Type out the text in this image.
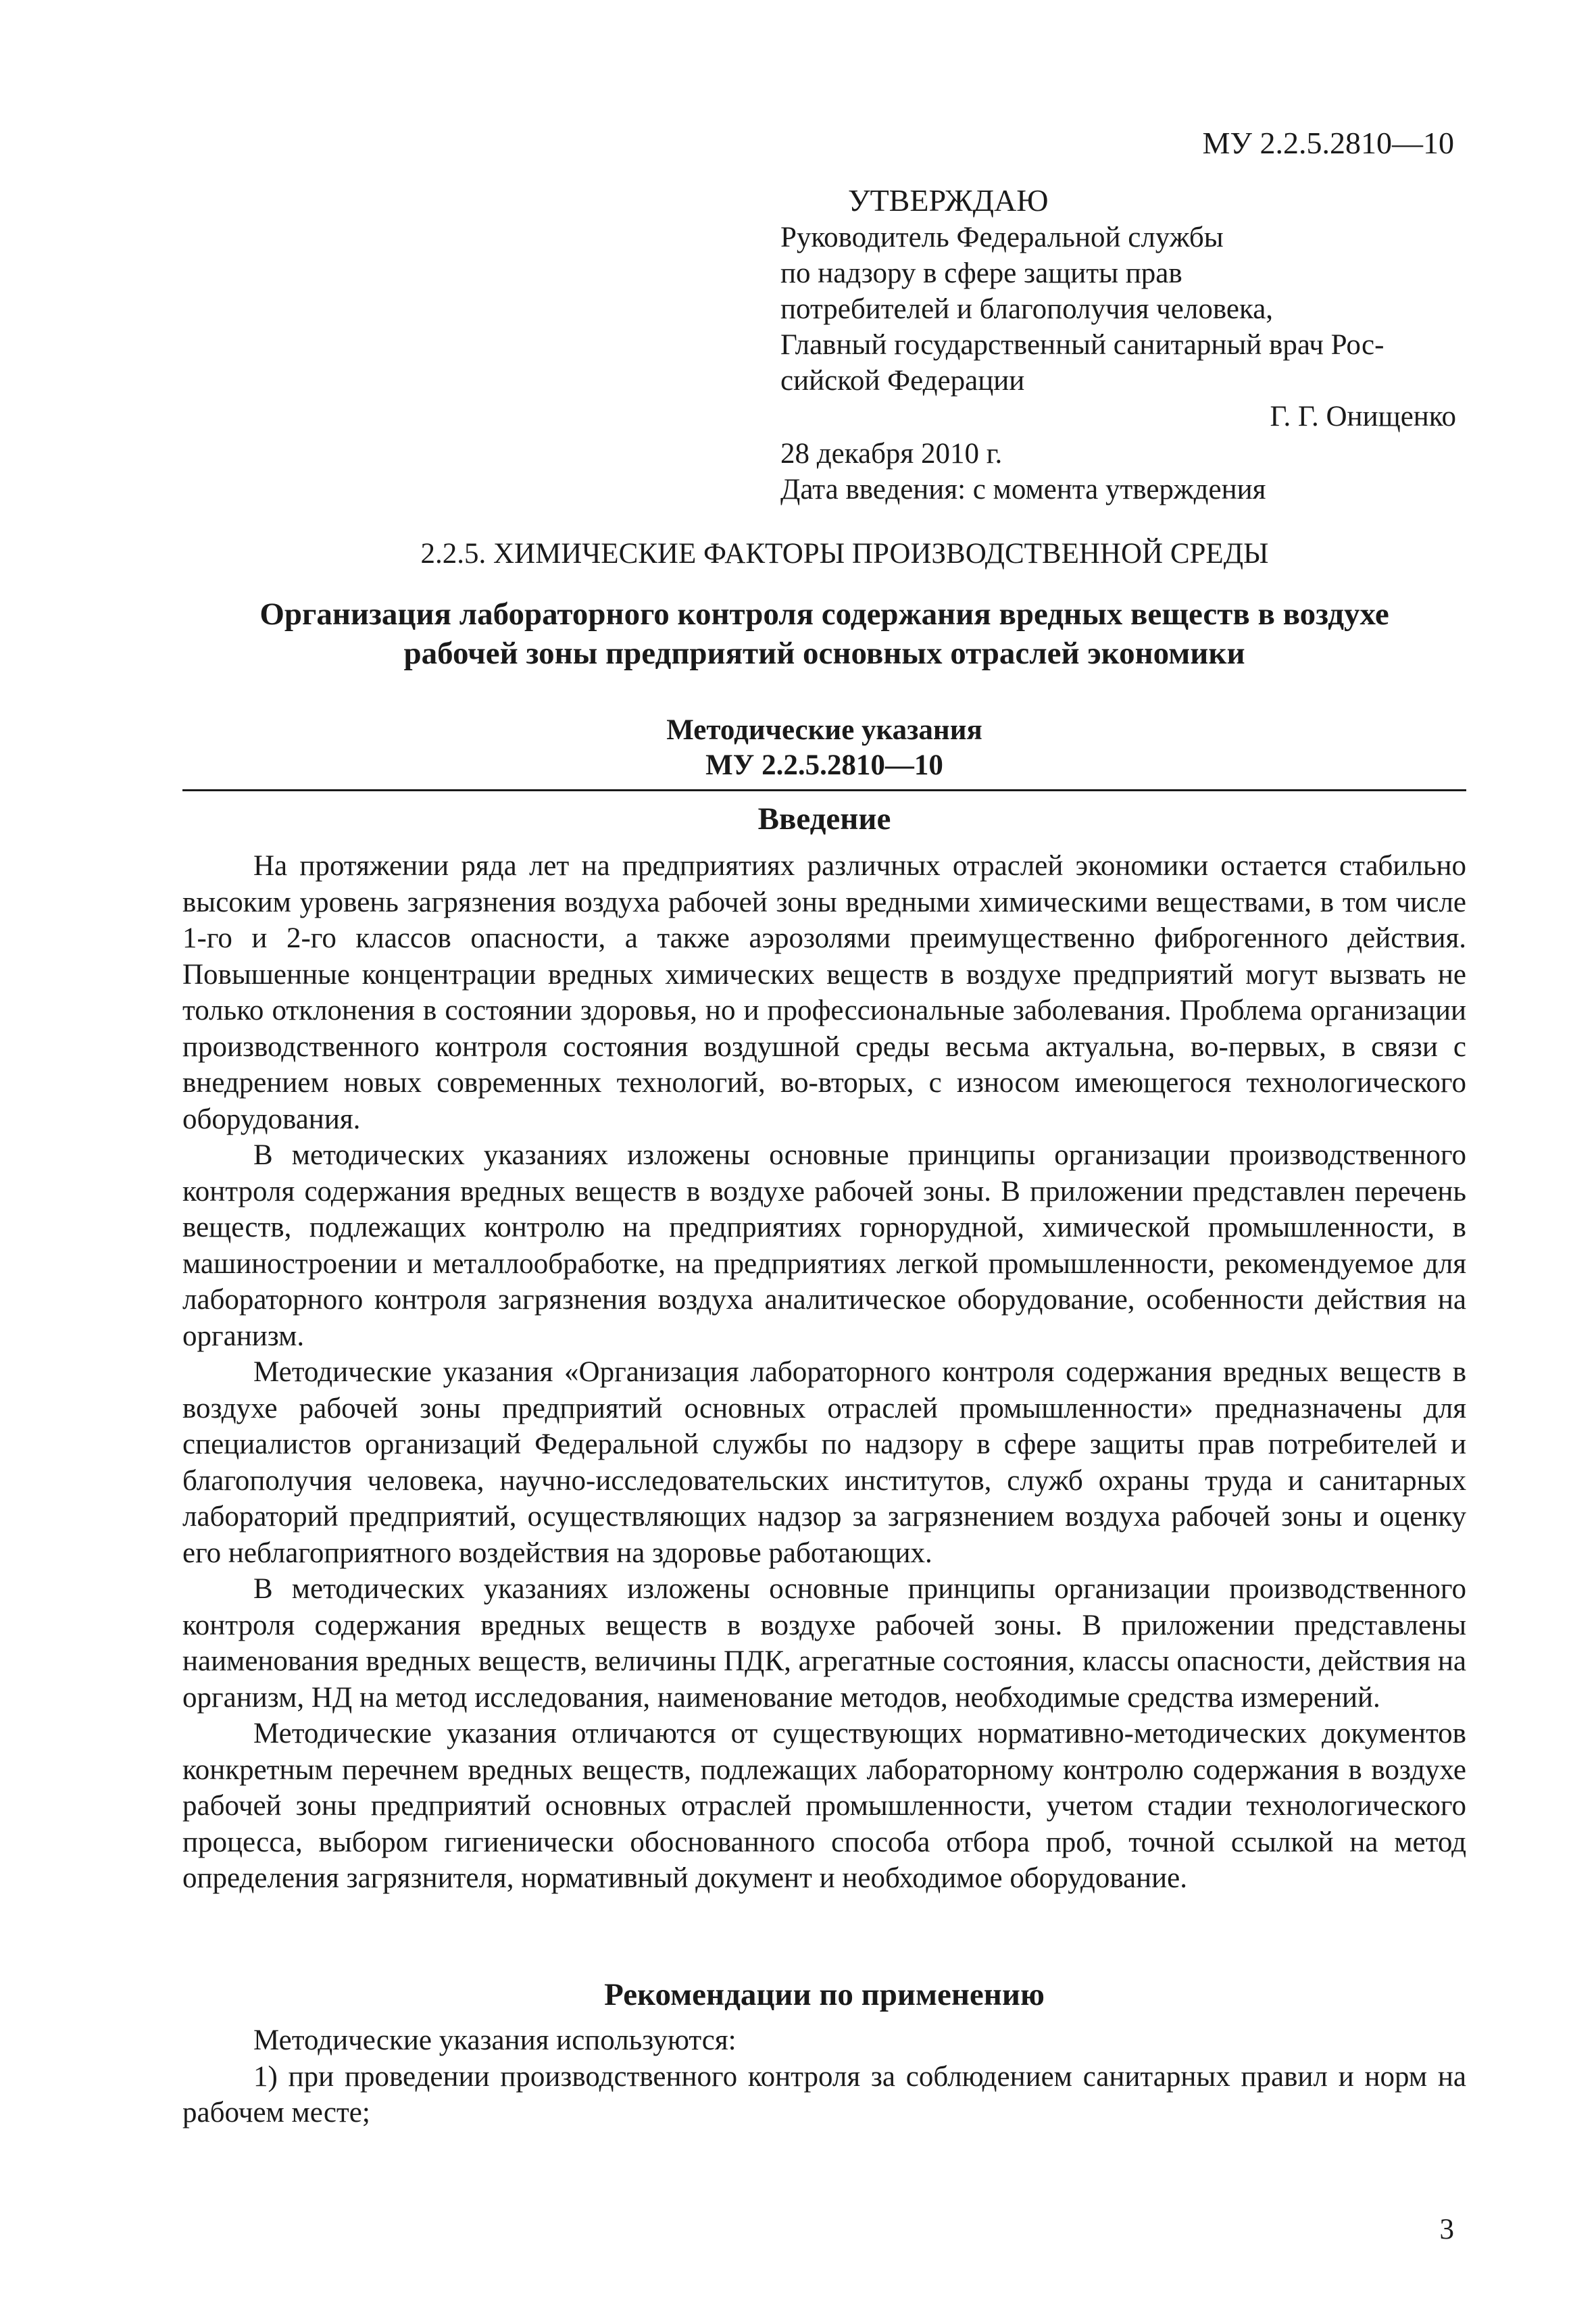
МУ 2.2.5.2810—10
УТВЕРЖДАЮ
Руководитель Федеральной службы
по надзору в сфере защиты прав
потребителей и благополучия человека,
Главный государственный санитарный врач Рос-
сийской Федерации
Г. Г. Онищенко
28 декабря 2010 г.
Дата введения: с момента утверждения
2.2.5. ХИМИЧЕСКИЕ ФАКТОРЫ ПРОИЗВОДСТВЕННОЙ СРЕДЫ
Организация лабораторного контроля содержания вредных веществ в воздухе
рабочей зоны предприятий основных отраслей экономики
Методические указания
МУ 2.2.5.2810—10
Введение

На протяжении ряда лет на предприятиях различных отраслей экономики остается стабильно высоким уровень загрязнения воздуха рабочей зоны вредными химическими веществами, в том числе 1-го и 2-го классов опасности, а также аэрозолями преимущественно фиброгенного действия. Повышенные концентрации вредных химических веществ в воздухе предприятий могут вызвать не только отклонения в состоянии здоровья, но и профессиональные заболевания. Проблема организации производственного контроля состояния воздушной среды весьма актуальна, во-первых, в связи с внедрением новых современных технологий, во-вторых, с износом имеющегося технологического оборудования.

В методических указаниях изложены основные принципы организации производственного контроля содержания вредных веществ в воздухе рабочей зоны. В приложении представлен перечень веществ, подлежащих контролю на предприятиях горнорудной, химической промышленности, в машиностроении и металлообработке, на предприятиях легкой промышленности, рекомендуемое для лабораторного контроля загрязнения воздуха аналитическое оборудование, особенности действия на организм.

Методические указания «Организация лабораторного контроля содержания вредных веществ в воздухе рабочей зоны предприятий основных отраслей промышленности» предназначены для специалистов организаций Федеральной службы по надзору в сфере защиты прав потребителей и благополучия человека, научно-исследовательских институтов, служб охраны труда и санитарных лабораторий предприятий, осуществляющих надзор за загрязнением воздуха рабочей зоны и оценку его неблагоприятного воздействия на здоровье работающих.

В методических указаниях изложены основные принципы организации производственного контроля содержания вредных веществ в воздухе рабочей зоны. В приложении представлены наименования вредных веществ, величины ПДК, агрегатные состояния, классы опасности, действия на организм, НД на метод исследования, наименование методов, необходимые средства измерений.

Методические указания отличаются от существующих нормативно-методических документов конкретным перечнем вредных веществ, подлежащих лабораторному контролю содержания в воздухе рабочей зоны предприятий основных отраслей промышленности, учетом стадии технологического процесса, выбором гигиенически обоснованного способа отбора проб, точной ссылкой на метод определения загрязнителя, нормативный документ и необходимое оборудование.

Рекомендации по применению

Методические указания используются:

1) при проведении производственного контроля за соблюдением санитарных правил и норм на рабочем месте;

3
